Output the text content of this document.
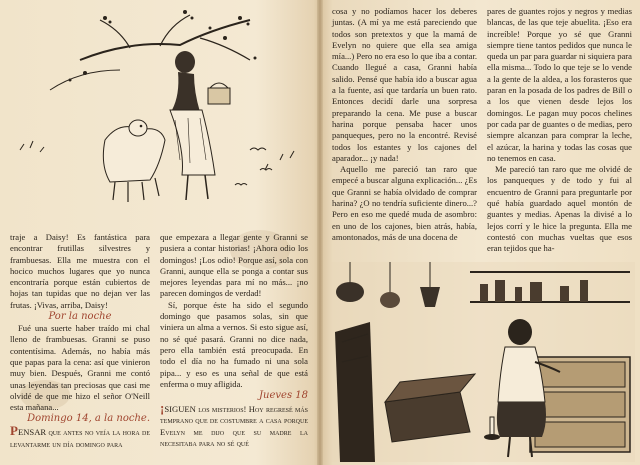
traje a Daisy! Es fantástica para encontrar frutillas silvestres y frambuesas. Ella me muestra con el hocico muchos lugares que yo nunca encontraría porque están cubiertos de hojas tan tupidas que no dejan ver las frutas. ¡Vivas, arriba, Daisy!

Por la noche

Fué una suerte haber traído mi chal lleno de frambuesas. Granni se puso contentísima. Además, no había más que papas para la cena: así que vinieron muy bien. Después, Granni me contó unas leyendas tan preciosas que casi me olvidé de que me hizo el señor O'Neill esta mañana...

Domingo 14, a la noche.

PENSAR que antes no veía la hora de levantarme un día domingo para

que empezara a llegar gente y Granni se pusiera a contar historias! ¡Ahora odio los domingos! ¡Los odio! Porque así, sola con Granni, aunque ella se ponga a contar sus mejores leyendas para mí no más... ¡no parecen domingos de verdad!

Sí, porque éste ha sido el segundo domingo que pasamos solas, sin que viniera un alma a vernos. Si esto sigue así, no sé qué pasará. Granni no dice nada, pero ella también está preocupada. En todo el día no ha fumado ni una sola pipa... y eso es una señal de que está enferma o muy afligida.

Jueves 18

¡SIGUEN los misterios! Hoy regresé más temprano que de costumbre a casa porque Evelyn me dijo que su madre la necesitaba para no sé qué

cosa y no podíamos hacer los deberes juntas. (A mí ya me está pareciendo que todos son pretextos y que la mamá de Evelyn no quiere que ella sea amiga mía...) Pero no era eso lo que iba a contar. Cuando llegué a casa, Granni había salido. Pensé que había ido a buscar agua a la fuente, así que tardaría un buen rato. Entonces decidí darle una sorpresa preparando la cena. Me puse a buscar harina porque pensaba hacer unos panqueques, pero no la encontré. Revisé todos los estantes y los cajones del aparador... ¡y nada!

Aquello me pareció tan raro que empecé a buscar alguna explicación... ¿Es que Granni se había olvidado de comprar harina? ¿O no tendría suficiente dinero...? Pero en eso me quedé muda de asombro: en uno de los cajones, bien atrás, había, amontonados, más de una docena de

pares de guantes rojos y negros y medias blancas, de las que teje abuelita. ¡Eso era increíble! Porque yo sé que Granni siempre tiene tantos pedidos que nunca le queda un par para guardar ni siquiera para ella misma... Todo lo que teje se lo vende a la gente de la aldea, a los forasteros que paran en la posada de los padres de Bill o a los que vienen desde lejos los domingos. Le pagan muy pocos chelines por cada par de guantes o de medias, pero siempre alcanzan para comprar la leche, el azúcar, la harina y todas las cosas que no tenemos en casa.

Me pareció tan raro que me olvidé de los panqueques y de todo y fui al encuentro de Granni para preguntarle por qué había guardado aquel montón de guantes y medias. Apenas la divisé a lo lejos corrí y le hice la pregunta. Ella me contestó con muchas vueltas que esos eran tejidos que ha-
